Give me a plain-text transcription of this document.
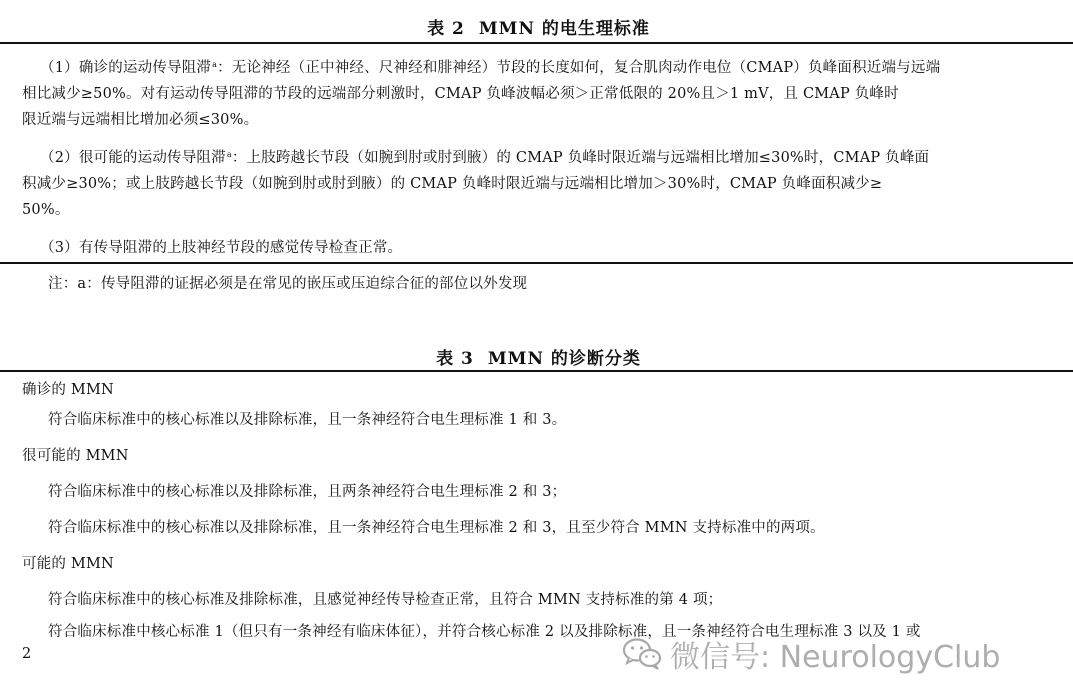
表 2 MMN 的电生理标准
（1）确诊的运动传导阻滞$^a$：无论神经（正中神经、尺神经和腓神经）节段的长度如何，复合肌肉动作电位（CMAP）负峰面积近端与远端
相比减少≥50%。对有运动传导阻滞的节段的远端部分刺激时，CMAP 负峰波幅必须＞正常低限的 20%且＞1 mV，且 CMAP 负峰时
限近端与远端相比增加必须≤30%。
（2）很可能的运动传导阻滞$^a$：上肢跨越长节段（如腕到肘或肘到腋）的 CMAP 负峰时限近端与远端相比增加≤30%时，CMAP 负峰面
积减少≥30%；或上肢跨越长节段（如腕到肘或肘到腋）的 CMAP 负峰时限近端与远端相比增加＞30%时，CMAP 负峰面积减少≥
50%。
（3）有传导阻滞的上肢神经节段的感觉传导检查正常。
注：a：传导阻滞的证据必须是在常见的嵌压或压迫综合征的部位以外发现
表 3 MMN 的诊断分类
确诊的 MMN
符合临床标准中的核心标准以及排除标准，且一条神经符合电生理标准 1 和 3。
很可能的 MMN
符合临床标准中的核心标准以及排除标准，且两条神经符合电生理标准 2 和 3；
符合临床标准中的核心标准以及排除标准，且一条神经符合电生理标准 2 和 3，且至少符合 MMN 支持标准中的两项。
可能的 MMN
符合临床标准中的核心标准及排除标准，且感觉神经传导检查正常，且符合 MMN 支持标准的第 4 项；
符合临床标准中核心标准 1（但只有一条神经有临床体征），并符合核心标准 2 以及排除标准，且一条神经符合电生理标准 3 以及 1 或
2	微信号: NeurologyClub
